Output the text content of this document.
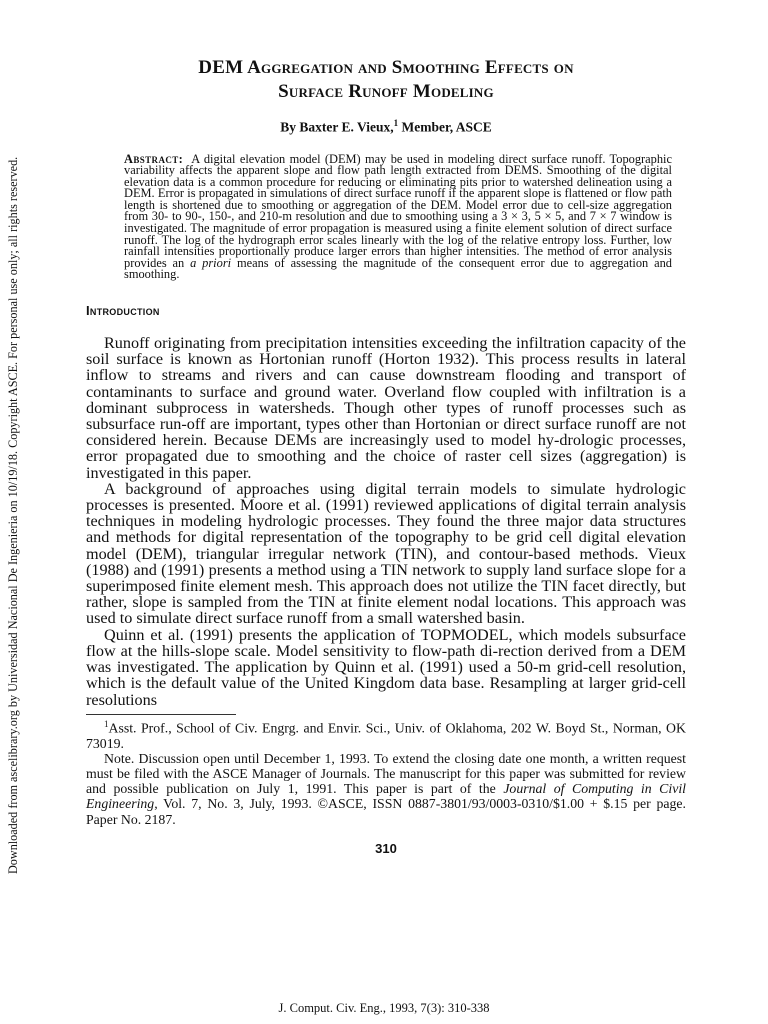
Downloaded from ascelibrary.org by Universidad Nacional De Ingenieria on 10/19/18. Copyright ASCE. For personal use only; all rights reserved.
DEM Aggregation and Smoothing Effects on
Surface Runoff Modeling
By Baxter E. Vieux,$^1$ Member, ASCE
Abstract: A digital elevation model (DEM) may be used in modeling direct surface runoff. Topographic variability affects the apparent slope and flow path length extracted from DEMS. Smoothing of the digital elevation data is a common procedure for reducing or eliminating pits prior to watershed delineation using a DEM. Error is propagated in simulations of direct surface runoff if the apparent slope is flattened or flow path length is shortened due to smoothing or aggregation of the DEM. Model error due to cell-size aggregation from 30- to 90-, 150-, and 210-m resolution and due to smoothing using a 3 × 3, 5 × 5, and 7 × 7 window is investigated. The magnitude of error propagation is measured using a finite element solution of direct surface runoff. The log of the hydrograph error scales linearly with the log of the relative entropy loss. Further, low rainfall intensities proportionally produce larger errors than higher intensities. The method of error analysis provides an a priori means of assessing the magnitude of the consequent error due to aggregation and smoothing.
Introduction

Runoff originating from precipitation intensities exceeding the infiltration capacity of the soil surface is known as Hortonian runoff (Horton 1932). This process results in lateral inflow to streams and rivers and can cause downstream flooding and transport of contaminants to surface and ground water. Overland flow coupled with infiltration is a dominant subprocess in watersheds. Though other types of runoff processes such as subsurface run-off are important, types other than Hortonian or direct surface runoff are not considered herein. Because DEMs are increasingly used to model hy-drologic processes, error propagated due to smoothing and the choice of raster cell sizes (aggregation) is investigated in this paper.

A background of approaches using digital terrain models to simulate hydrologic processes is presented. Moore et al. (1991) reviewed applications of digital terrain analysis techniques in modeling hydrologic processes. They found the three major data structures and methods for digital representation of the topography to be grid cell digital elevation model (DEM), triangular irregular network (TIN), and contour-based methods. Vieux (1988) and (1991) presents a method using a TIN network to supply land surface slope for a superimposed finite element mesh. This approach does not utilize the TIN facet directly, but rather, slope is sampled from the TIN at finite element nodal locations. This approach was used to simulate direct surface runoff from a small watershed basin.

Quinn et al. (1991) presents the application of TOPMODEL, which models subsurface flow at the hills-slope scale. Model sensitivity to flow-path di-rection derived from a DEM was investigated. The application by Quinn et al. (1991) used a 50-m grid-cell resolution, which is the default value of the United Kingdom data base. Resampling at larger grid-cell resolutions

$^1$Asst. Prof., School of Civ. Engrg. and Envir. Sci., Univ. of Oklahoma, 202 W. Boyd St., Norman, OK 73019.

Note. Discussion open until December 1, 1993. To extend the closing date one month, a written request must be filed with the ASCE Manager of Journals. The manuscript for this paper was submitted for review and possible publication on July 1, 1991. This paper is part of the Journal of Computing in Civil Engineering, Vol. 7, No. 3, July, 1993. ©ASCE, ISSN 0887-3801/93/0003-0310/$1.00 + $.15 per page. Paper No. 2187.

310
J. Comput. Civ. Eng., 1993, 7(3): 310-338
